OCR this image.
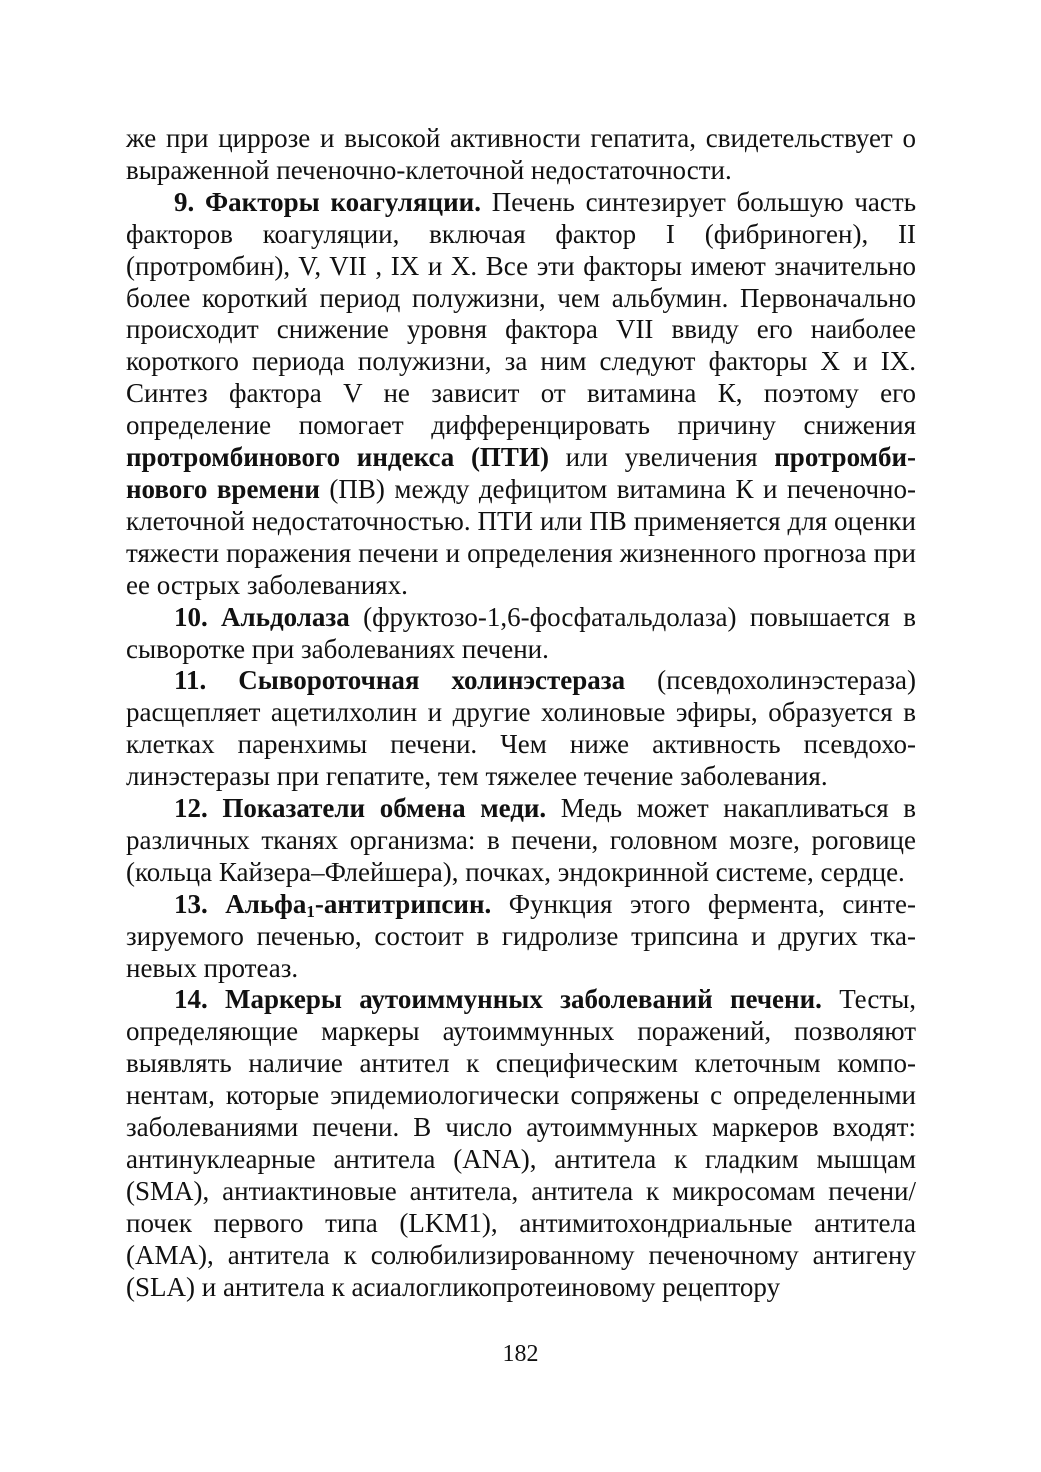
же при циррозе и высокой активности гепатита, свидетельствует о выраженной печеночно-клеточной недостаточности.

9. Факторы коагуляции. Печень синтезирует большую часть факторов коагуляции, включая фактор I (фибриноген), II (протромбин), V, VII , IX и X. Все эти факторы имеют значительно более короткий период полужизни, чем альбумин. Первоначально происходит снижение уровня фактора VII ввиду его наиболее короткого периода полужизни, за ним следуют факторы X и IX. Синтез фактора V не зависит от витамина К, поэтому его определение помогает дифференцировать причину снижения протромбинового индекса (ПТИ) или увеличения протромбинового времени (ПВ) между дефицитом витамина К и печеночно-клеточной недостаточностью. ПТИ или ПВ применяется для оценки тяжести поражения печени и определения жизненного прогноза при ее острых заболеваниях.

10. Альдолаза (фруктозо-1,6-фосфатальдолаза) повышается в сыворотке при заболеваниях печени.

11. Сывороточная холинэстераза (псевдохолинэстераза) расщепляет ацетилхолин и другие холиновые эфиры, образуется в клетках паренхимы печени. Чем ниже активность псевдохолинэстеразы при гепатите, тем тяжелее течение заболевания.

12. Показатели обмена меди. Медь может накапливаться в различных тканях организма: в печени, головном мозге, роговице (кольца Кайзера–Флейшера), почках, эндокринной системе, сердце.

13. Альфа$_1$-антитрипсин. Функция этого фермента, синтезируемого печенью, состоит в гидролизе трипсина и других тканевых протеаз.

14. Маркеры аутоиммунных заболеваний печени. Тесты, определяющие маркеры аутоиммунных поражений, позволяют выявлять наличие антител к специфическим клеточным компонентам, которые эпидемиологически сопряжены с определенными заболеваниями печени. В число аутоиммунных маркеров входят: антинуклеарные антитела (ANA), антитела к гладким мышцам (SMA), антиактиновые антитела, антитела к микросомам печени/почек первого типа (LKM1), антимитохондриальные антитела (AMA), антитела к солюбилизированному печеночному антигену (SLA) и антитела к асиалогликопротеиновому рецептору

182
